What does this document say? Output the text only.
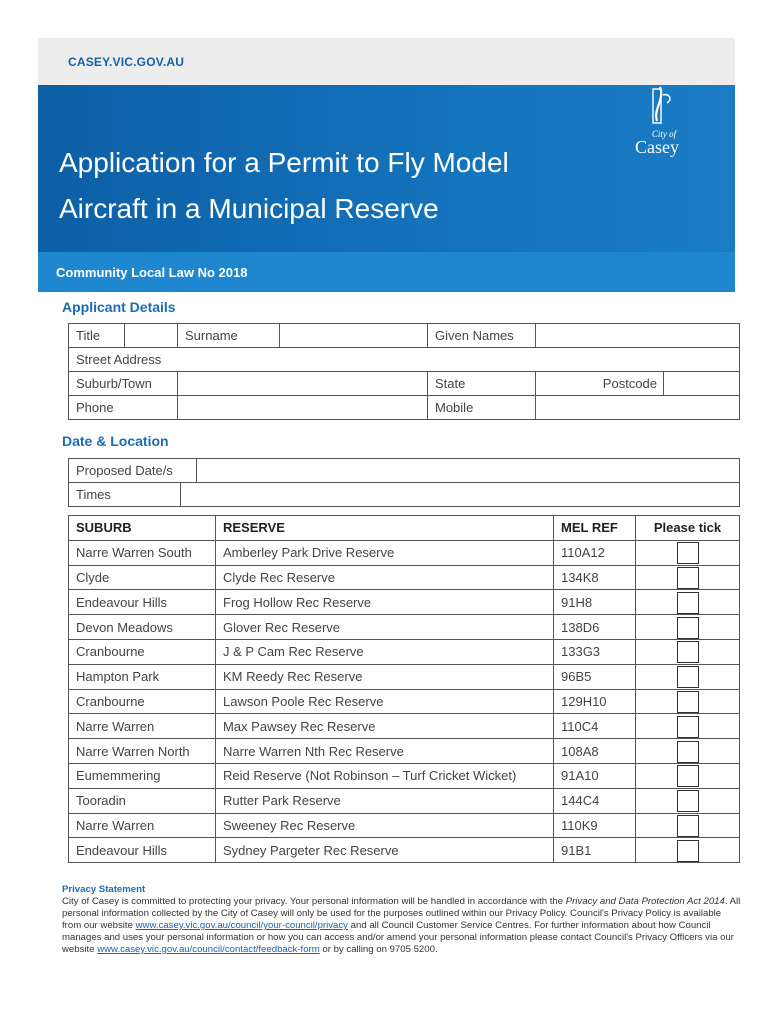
CASEY.VIC.GOV.AU
City of
Casey
Application for a Permit to Fly Model
Aircraft in a Municipal Reserve
Community Local Law No 2018
Applicant Details
Title		Surname		Given Names		
Street Address						
Suburb/Town				State	Postcode	

Phone				Mobile		
Date & Location
Proposed Date/s		
Times		
SUBURB	RESERVE	MEL REF	Please tick
Narre Warren South	Amberley Park Drive Reserve	110A12	

Clyde	Clyde Rec Reserve	134K8	

Endeavour Hills	Frog Hollow Rec Reserve	91H8	

Devon Meadows	Glover Rec Reserve	138D6	

Cranbourne	J & P Cam Rec Reserve	133G3	

Hampton Park	KM Reedy Rec Reserve	96B5	

Cranbourne	Lawson Poole Rec Reserve	129H10	

Narre Warren	Max Pawsey Rec Reserve	110C4	

Narre Warren North	Narre Warren Nth Rec Reserve	108A8	

Eumemmering	Reid Reserve (Not Robinson – Turf Cricket Wicket)	91A10	

Tooradin	Rutter Park Reserve	144C4	

Narre Warren	Sweeney Rec Reserve	110K9	

Endeavour Hills	Sydney Pargeter Rec Reserve	91B1	
Privacy Statement
City of Casey is committed to protecting your privacy. Your personal information will be handled in accordance with the Privacy and Data Protection Act 2014. All personal information collected by the City of Casey will only be used for the purposes outlined within our Privacy Policy. Council's Privacy Policy is available from our website www.casey.vic.gov.au/council/your-council/privacy and all Council Customer Service Centres. For further information about how Council manages and uses your personal information or how you can access and/or amend your personal information please contact Council's Privacy Officers via our website www.casey.vic.gov.au/council/contact/feedback-form or by calling on 9705 5200.
